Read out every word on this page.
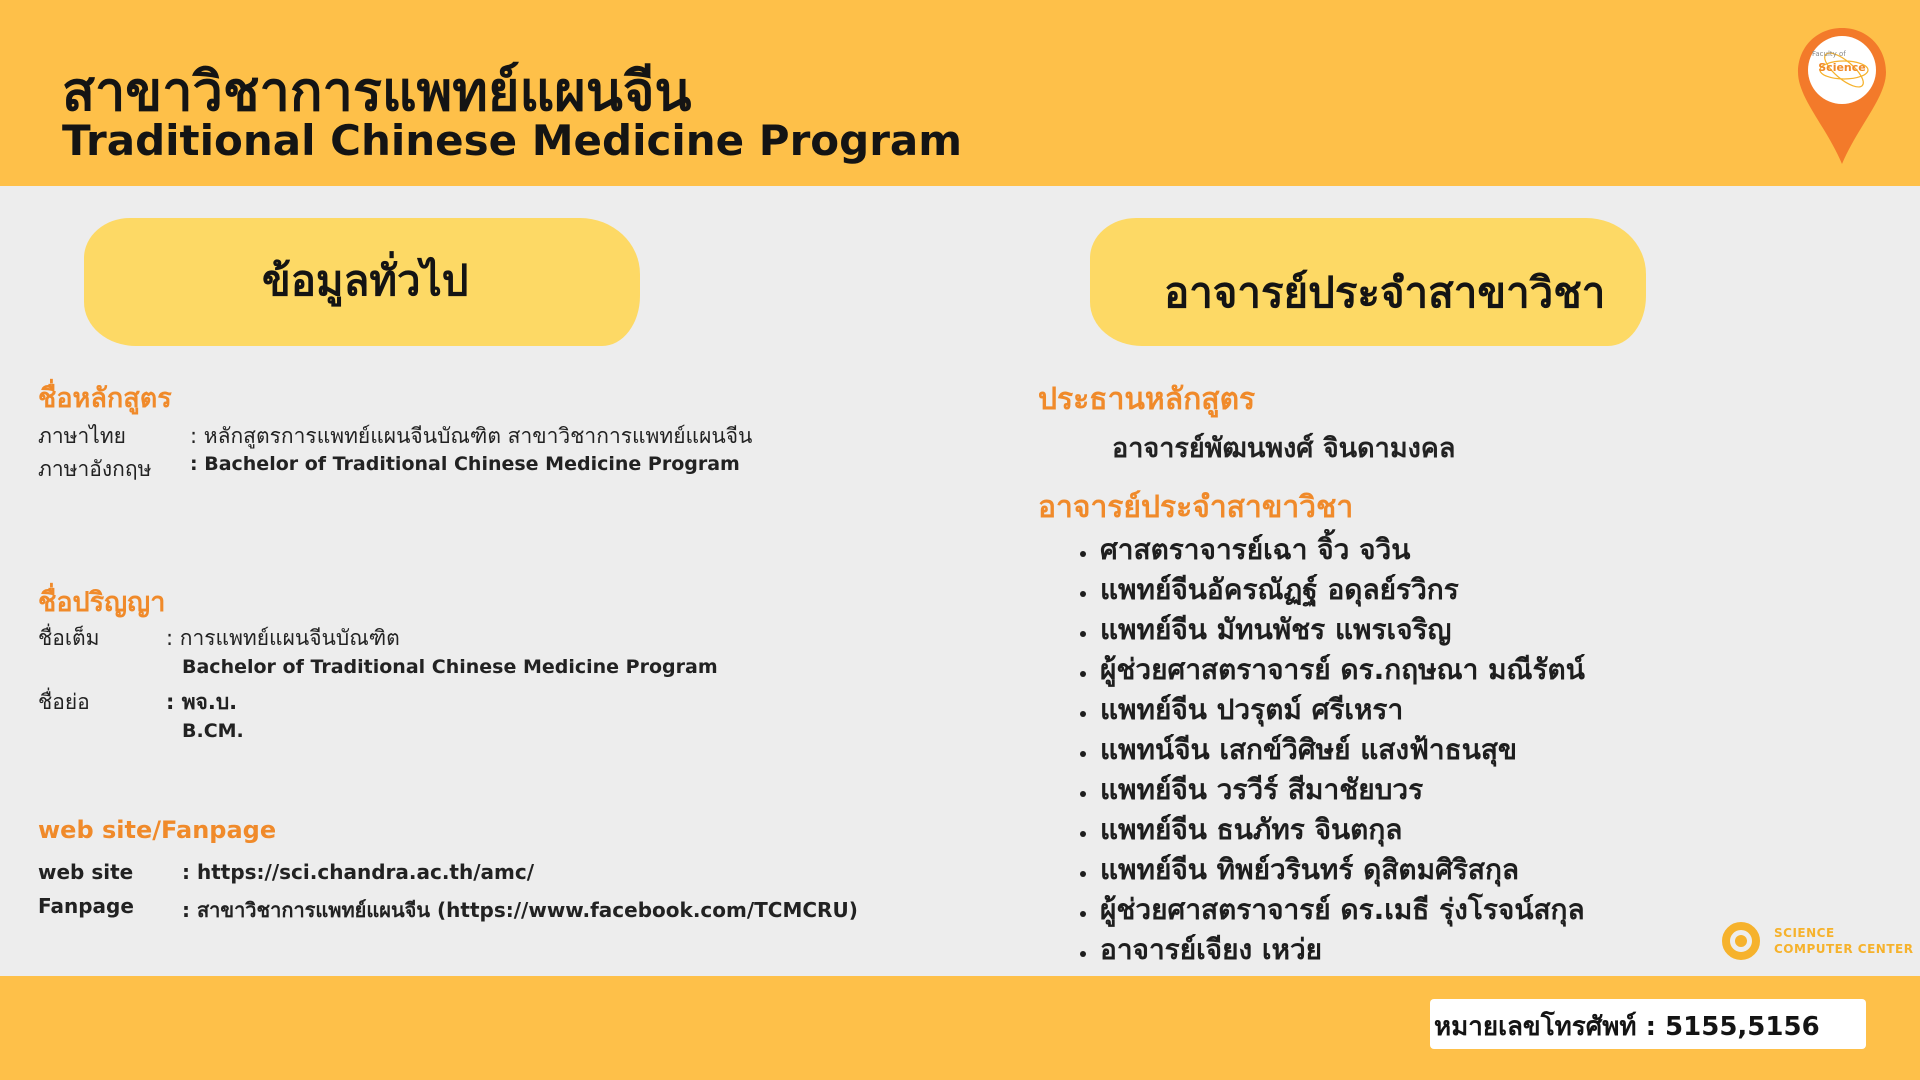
สาขาวิชาการแพทย์แผนจีน
Traditional Chinese Medicine Program
Faculty of
Science
ข้อมูลทั่วไป	อาจารย์ประจำสาขาวิชา
ชื่อหลักสูตร
ภาษาไทย	: หลักสูตรการแพทย์แผนจีนบัณฑิต สาขาวิชาการแพทย์แผนจีน
ภาษาอังกฤษ : Bachelor of Traditional Chinese Medicine Program
ชื่อปริญญา
ชื่อเต็ม	: การแพทย์แผนจีนบัณฑิต
Bachelor of Traditional Chinese Medicine Program
ชื่อย่อ	: พจ.บ.
B.CM.
web site/Fanpage
web site : https://sci.chandra.ac.th/amc/
Fanpage : สาขาวิชาการแพทย์แผนจีน (https://www.facebook.com/TCMCRU)
ประธานหลักสูตร
อาจารย์พัฒนพงศ์ จินดามงคล
อาจารย์ประจำสาขาวิชา
ศาสตราจารย์เฉา จิ้ว จวิน
แพทย์จีนอัครณัฏฐ์ อดุลย์รวิกร
แพทย์จีน มัทนพัชร แพรเจริญ
ผู้ช่วยศาสตราจารย์ ดร.กฤษณา มณีรัตน์
แพทย์จีน ปวรุตม์ ศรีเหรา
แพทน์จีน เสกข์วิศิษย์ แสงฟ้าธนสุข
แพทย์จีน วรวีร์ สีมาชัยบวร
แพทย์จีน ธนภัทร จินตกุล
แพทย์จีน ทิพย์วรินทร์ ดุสิตมศิริสกุล
ผู้ช่วยศาสตราจารย์ ดร.เมธี รุ่งโรจน์สกุล
อาจารย์เจียง เหว่ย	SCIENCE
COMPUTER CENTER
หมายเลขโทรศัพท์ : 5155,5156
